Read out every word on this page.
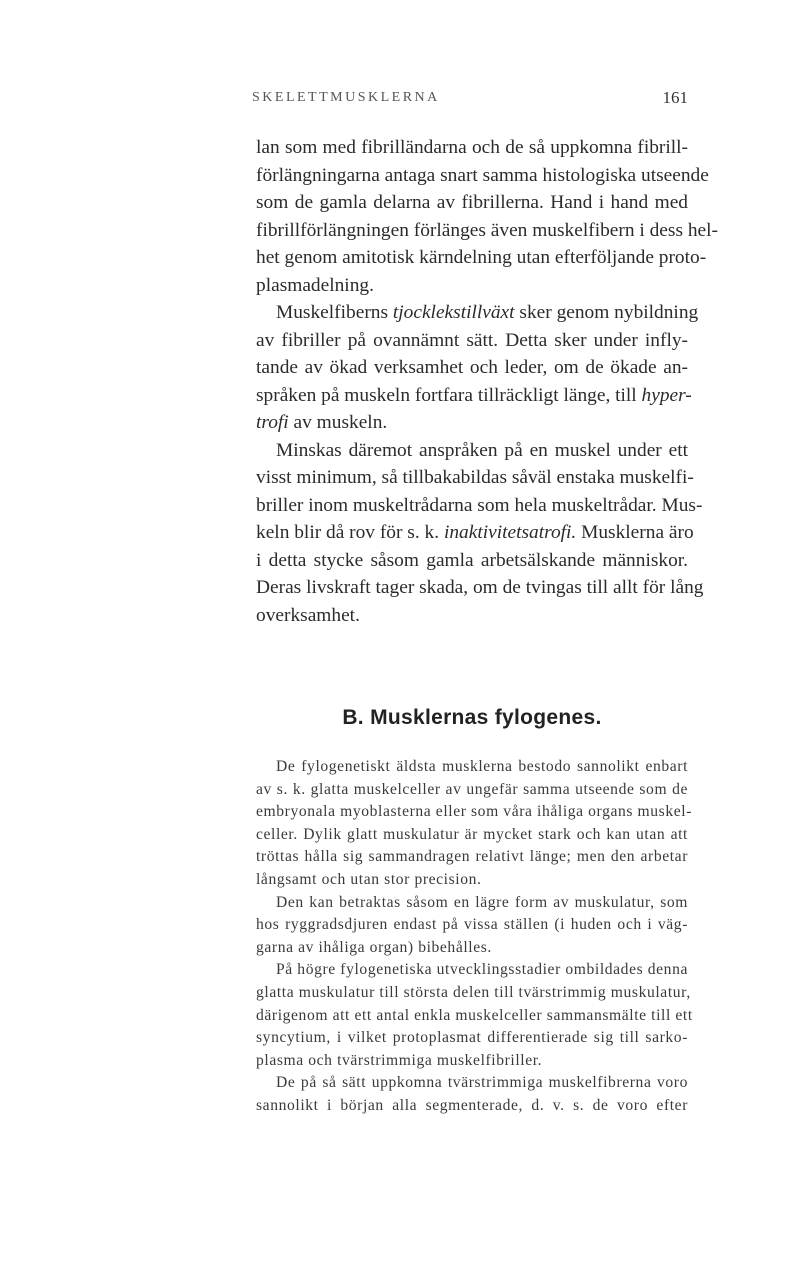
SKELETTMUSKLERNA	161

lan som med fibrilländarna och de så uppkomna fibrill-
förlängningarna antaga snart samma histologiska utseende
som de gamla delarna av fibrillerna. Hand i hand med
fibrillförlängningen förlänges även muskelfibern i dess hel-
het genom amitotisk kärndelning utan efterföljande proto-
plasmadelning.

Muskelfiberns tjocklekstillväxt sker genom nybildning
av fibriller på ovannämnt sätt. Detta sker under infly-
tande av ökad verksamhet och leder, om de ökade an-
språken på muskeln fortfara tillräckligt länge, till hyper-
trofi av muskeln.

Minskas däremot anspråken på en muskel under ett
visst minimum, så tillbakabildas såväl enstaka muskelfi-
briller inom muskeltrådarna som hela muskeltrådar. Mus-
keln blir då rov för s. k. inaktivitetsatrofi. Musklerna äro
i detta stycke såsom gamla arbetsälskande människor.
Deras livskraft tager skada, om de tvingas till allt för lång
overksamhet.

B. Musklernas fylogenes.

De fylogenetiskt äldsta musklerna bestodo sannolikt enbart
av s. k. glatta muskelceller av ungefär samma utseende som de
embryonala myoblasterna eller som våra ihåliga organs muskel-
celler. Dylik glatt muskulatur är mycket stark och kan utan att
tröttas hålla sig sammandragen relativt länge; men den arbetar
långsamt och utan stor precision.

Den kan betraktas såsom en lägre form av muskulatur, som
hos ryggradsdjuren endast på vissa ställen (i huden och i väg-
garna av ihåliga organ) bibehålles.

På högre fylogenetiska utvecklingsstadier ombildades denna
glatta muskulatur till största delen till tvärstrimmig muskulatur,
därigenom att ett antal enkla muskelceller sammansmälte till ett
syncytium, i vilket protoplasmat differentierade sig till sarko-
plasma och tvärstrimmiga muskelfibriller.

De på så sätt uppkomna tvärstrimmiga muskelfibrerna voro
sannolikt i början alla segmenterade, d. v. s. de voro efter
